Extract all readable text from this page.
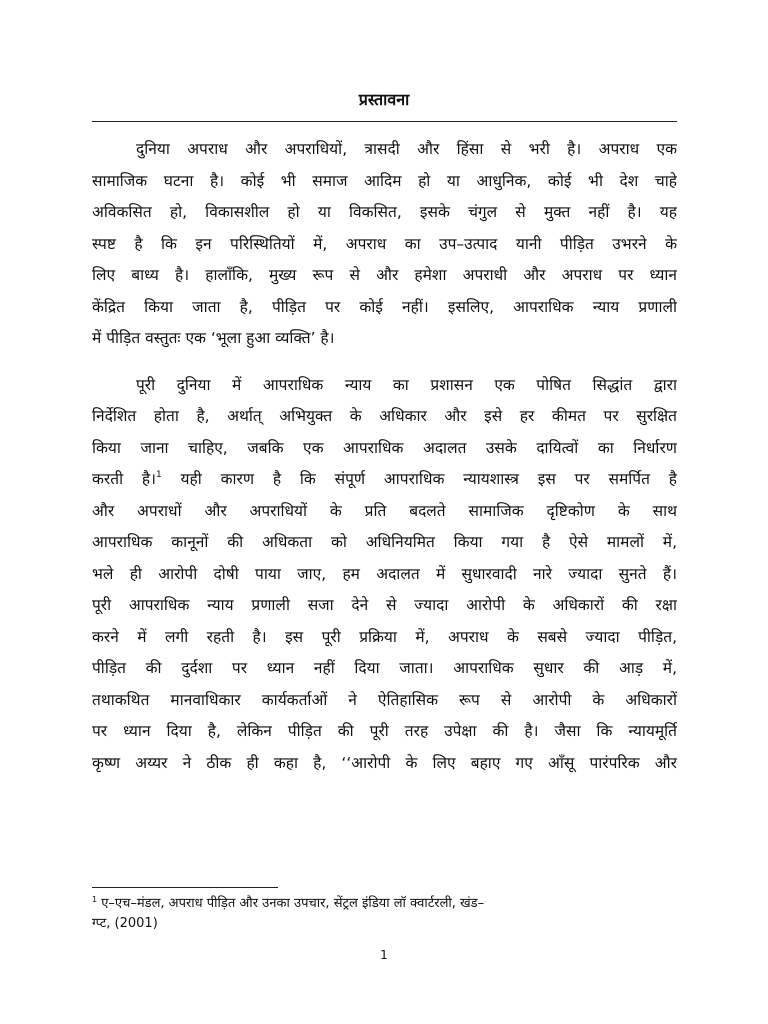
प्रस्तावना
दुनिया अपराध और अपराधियों, त्रासदी और हिंसा से भरी है। अपराध एक
सामाजिक घटना है। कोई भी समाज आदिम हो या आधुनिक, कोई भी देश चाहे
अविकसित हो, विकासशील हो या विकसित, इसके चंगुल से मुक्त नहीं है। यह
स्पष्ट है कि इन परिस्थितियों में, अपराध का उप–उत्पाद यानी पीड़ित उभरने के
लिए बाध्य है। हालाँकि, मुख्य रूप से और हमेशा अपराधी और अपराध पर ध्यान
केंद्रित किया जाता है, पीड़ित पर कोई नहीं। इसलिए, आपराधिक न्याय प्रणाली
में पीड़ित वस्तुतः एक ‘भूला हुआ व्यक्ति’ है।
पूरी दुनिया में आपराधिक न्याय का प्रशासन एक पोषित सिद्धांत द्वारा
निर्देशित होता है, अर्थात् अभियुक्त के अधिकार और इसे हर कीमत पर सुरक्षित
किया जाना चाहिए, जबकि एक आपराधिक अदालत उसके दायित्वों का निर्धारण
करती है।$^1$ यही कारण है कि संपूर्ण आपराधिक न्यायशास्त्र इस पर समर्पित है
और अपराधों और अपराधियों के प्रति बदलते सामाजिक दृष्टिकोण के साथ
आपराधिक कानूनों की अधिकता को अधिनियमित किया गया है ऐसे मामलों में,
भले ही आरोपी दोषी पाया जाए, हम अदालत में सुधारवादी नारे ज्यादा सुनते हैं।
पूरी आपराधिक न्याय प्रणाली सजा देने से ज्यादा आरोपी के अधिकारों की रक्षा
करने में लगी रहती है। इस पूरी प्रक्रिया में, अपराध के सबसे ज्यादा पीड़ित,
पीड़ित की दुर्दशा पर ध्यान नहीं दिया जाता। आपराधिक सुधार की आड़ में,
तथाकथित मानवाधिकार कार्यकर्ताओं ने ऐतिहासिक रूप से आरोपी के अधिकारों
पर ध्यान दिया है, लेकिन पीड़ित की पूरी तरह उपेक्षा की है। जैसा कि न्यायमूर्ति
कृष्ण अय्यर ने ठीक ही कहा है, ‘‘आरोपी के लिए बहाए गए आँसू पारंपरिक और
$^1$ ए–एच–मंडल, अपराध पीड़ित और उनका उपचार, सेंट्रल इंडिया लॉ क्वार्टरली, खंड–
ग्प्ट, (2001)
1
